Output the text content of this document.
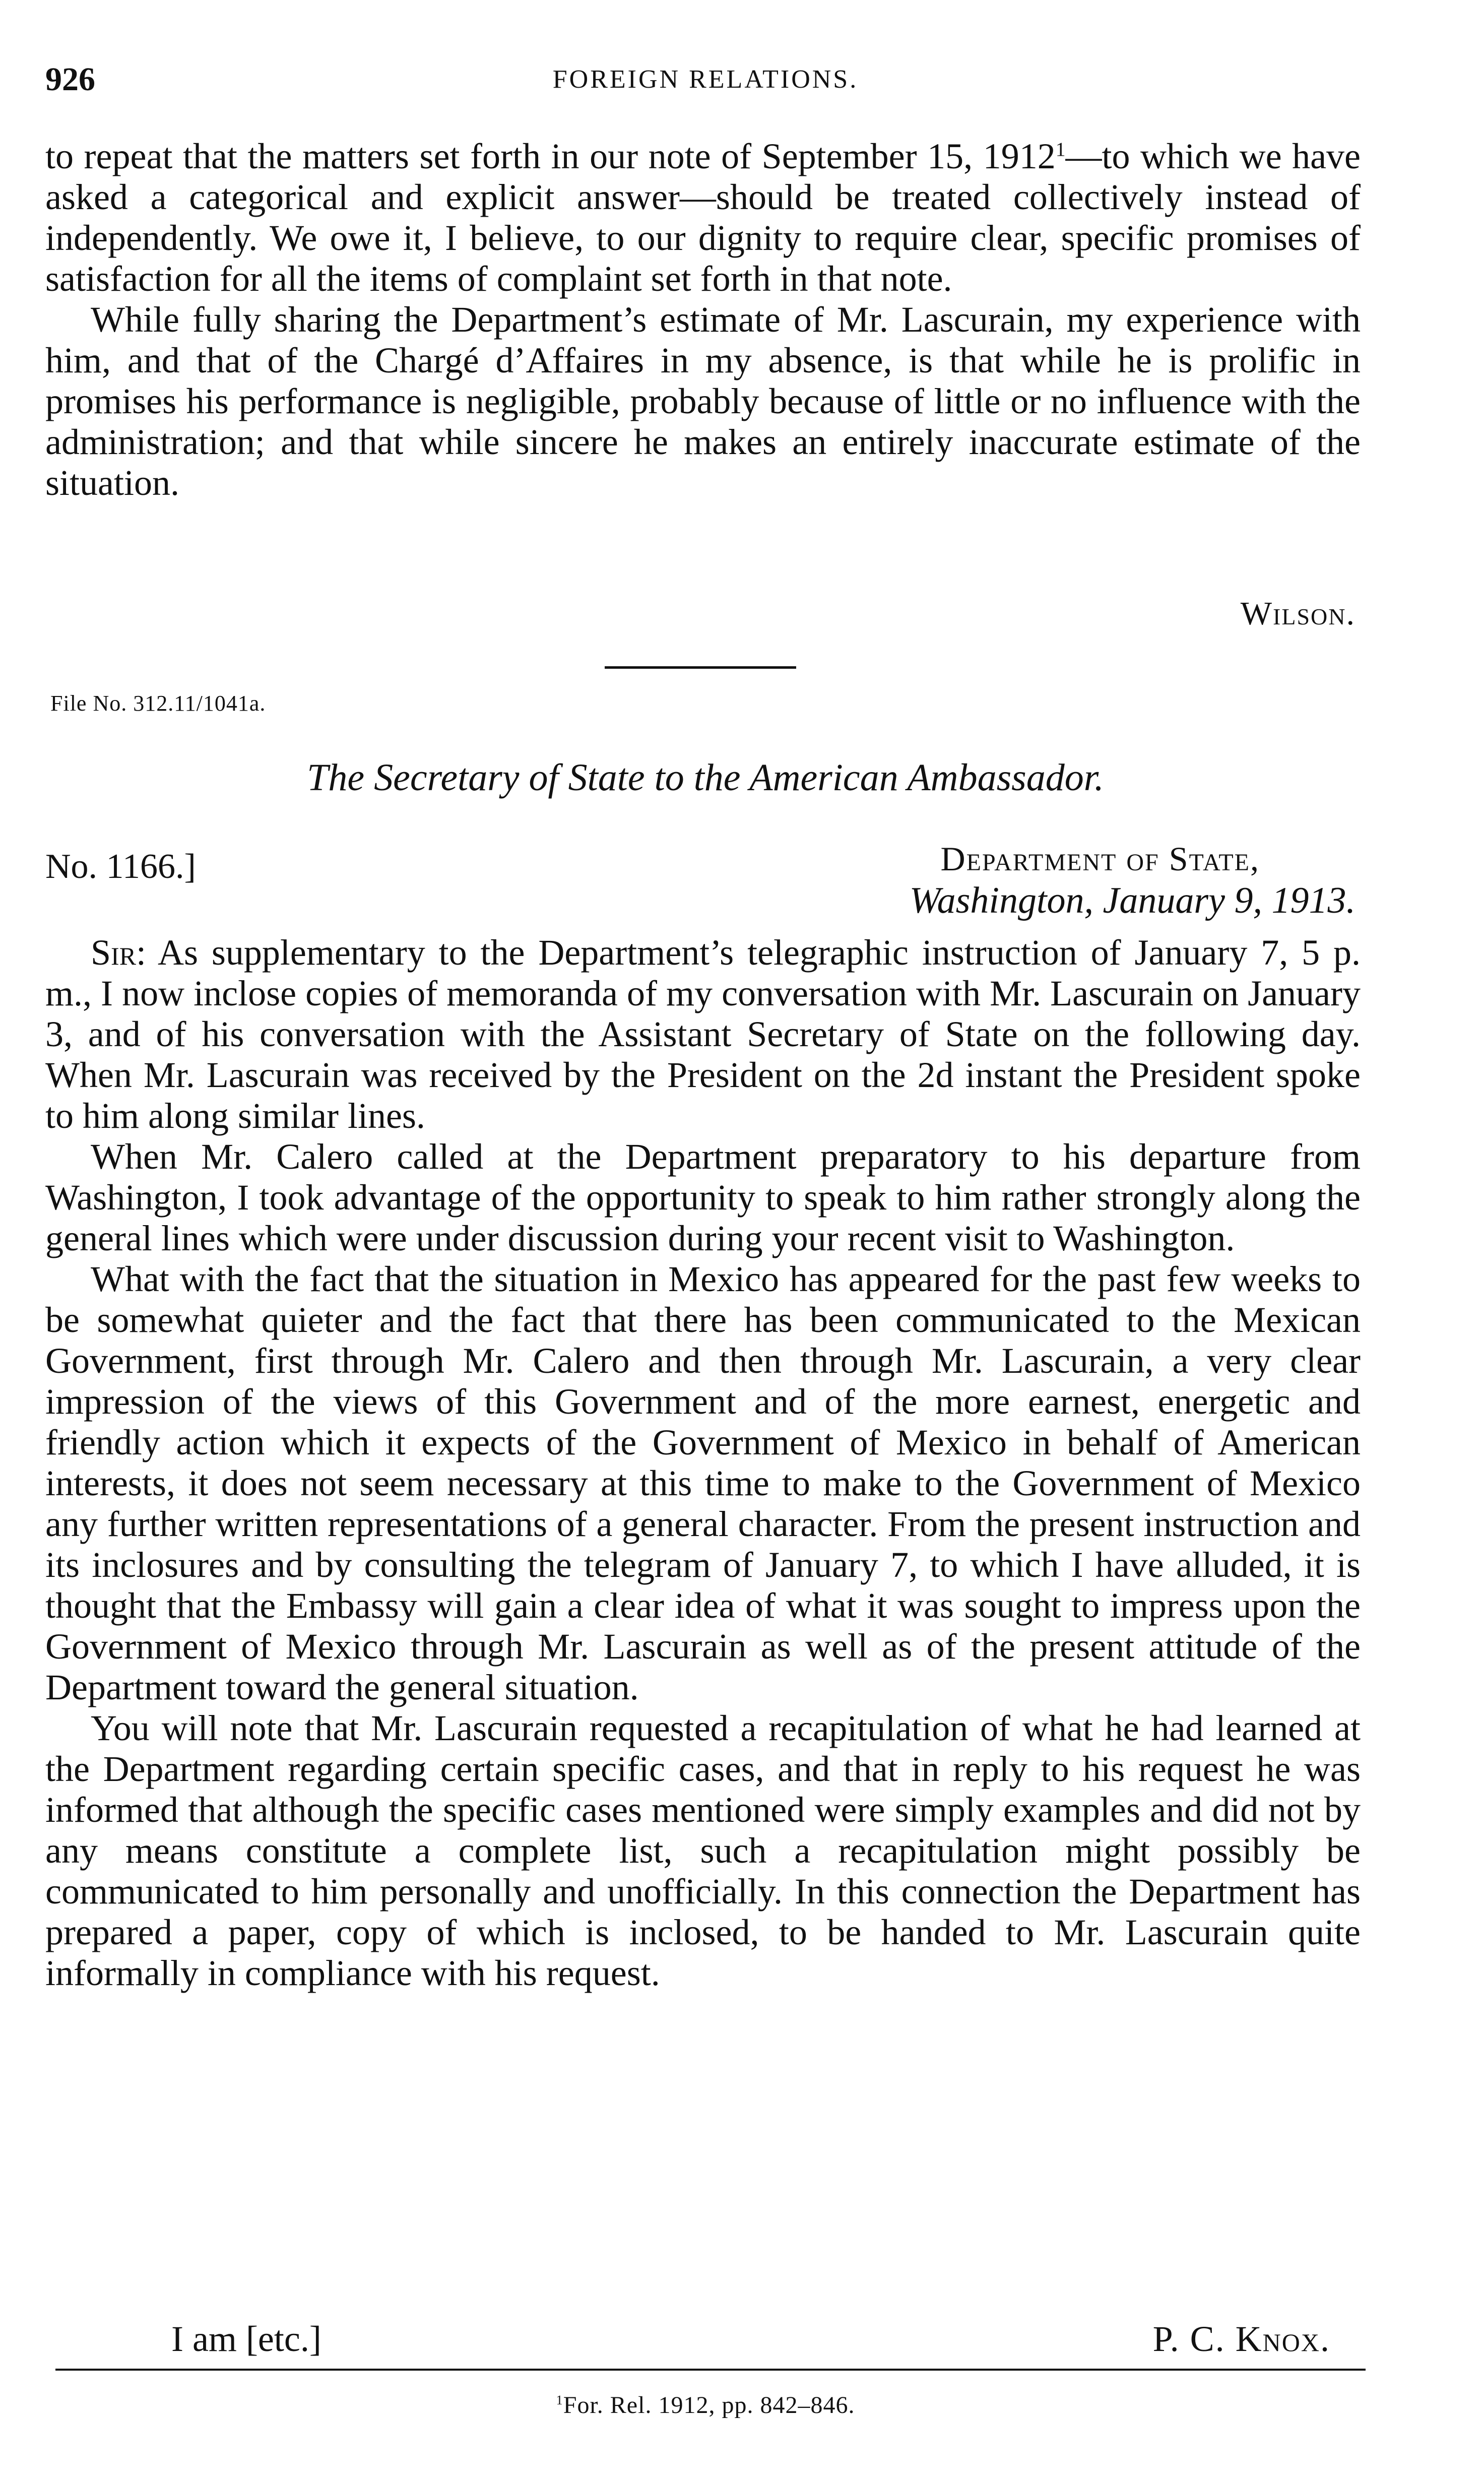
926	FOREIGN RELATIONS.

to repeat that the matters set forth in our note of September 15, 1912$^1$—to which we have asked a categorical and explicit answer—should be treated collectively instead of independently. We owe it, I believe, to our dignity to require clear, specific promises of satisfaction for all the items of complaint set forth in that note.

While fully sharing the Department’s estimate of Mr. Lascurain, my experience with him, and that of the Chargé d’Affaires in my absence, is that while he is prolific in promises his performance is negligible, probably because of little or no influence with the administration; and that while sincere he makes an entirely inaccurate estimate of the situation.

Wilson.
File No. 312.11/1041a.
The Secretary of State to the American Ambassador.
No. 1166.]	Department of State,
Washington, January 9, 1913.

Sir: As supplementary to the Department’s telegraphic instruction of January 7, 5 p. m., I now inclose copies of memoranda of my conversation with Mr. Lascurain on January 3, and of his conversation with the Assistant Secretary of State on the following day. When Mr. Lascurain was received by the President on the 2d instant the President spoke to him along similar lines.

When Mr. Calero called at the Department preparatory to his departure from Washington, I took advantage of the opportunity to speak to him rather strongly along the general lines which were under discussion during your recent visit to Washington.

What with the fact that the situation in Mexico has appeared for the past few weeks to be somewhat quieter and the fact that there has been communicated to the Mexican Government, first through Mr. Calero and then through Mr. Lascurain, a very clear impression of the views of this Government and of the more earnest, energetic and friendly action which it expects of the Government of Mexico in behalf of American interests, it does not seem necessary at this time to make to the Government of Mexico any further written representations of a general character. From the present instruction and its inclosures and by consulting the telegram of January 7, to which I have alluded, it is thought that the Embassy will gain a clear idea of what it was sought to impress upon the Government of Mexico through Mr. Lascurain as well as of the present attitude of the Department toward the general situation.

You will note that Mr. Lascurain requested a recapitulation of what he had learned at the Department regarding certain specific cases, and that in reply to his request he was informed that although the specific cases mentioned were simply examples and did not by any means constitute a complete list, such a recapitulation might possibly be communicated to him personally and unofficially. In this connection the Department has prepared a paper, copy of which is inclosed, to be handed to Mr. Lascurain quite informally in compliance with his request.

I am [etc.]	P. C. Knox.
$^1$For. Rel. 1912, pp. 842–846.
